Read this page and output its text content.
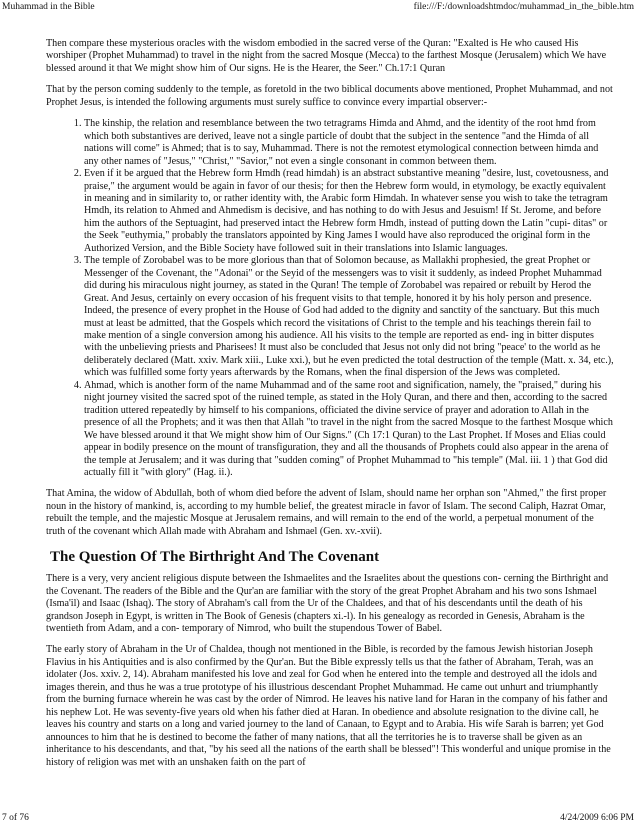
Muhammad in the Bible	file:///F:/downloadshtmdoc/muhammad_in_the_bible.htm

Then compare these mysterious oracles with the wisdom embodied in the sacred verse of the Quran: "Exalted is He who caused His worshiper (Prophet Muhammad) to travel in the night from the sacred Mosque (Mecca) to the farthest Mosque (Jerusalem) which We have blessed around it that We might show him of Our signs. He is the Hearer, the Seer." Ch.17:1 Quran

That by the person coming suddenly to the temple, as foretold in the two biblical documents above mentioned, Prophet Muhammad, and not Prophet Jesus, is intended the following arguments must surely suffice to convince every impartial observer:-

1. The kinship, the relation and resemblance between the two tetragrams Himda and Ahmd, and the identity of the root hmd from which both substantives are derived, leave not a single particle of doubt that the subject in the sentence "and the Himda of all nations will come" is Ahmed; that is to say, Muhammad. There is not the remotest etymological connection between himda and any other names of "Jesus," "Christ," "Savior," not even a single consonant in common between them.
2. Even if it be argued that the Hebrew form Hmdh (read himdah) is an abstract substantive meaning "desire, lust, covetousness, and praise," the argument would be again in favor of our thesis; for then the Hebrew form would, in etymology, be exactly equivalent in meaning and in similarity to, or rather identity with, the Arabic form Himdah. In whatever sense you wish to take the tetragram Hmdh, its relation to Ahmed and Ahmedism is decisive, and has nothing to do with Jesus and Jesuism! If St. Jerome, and before him the authors of the Septuagint, had preserved intact the Hebrew form Hmdh, instead of putting down the Latin "cupi- ditas" or the Seek "euthymia," probably the translators appointed by King James I would have also reproduced the original form in the Authorized Version, and the Bible Society have followed suit in their translations into Islamic languages.
3. The temple of Zorobabel was to be more glorious than that of Solomon because, as Mallakhi prophesied, the great Prophet or Messenger of the Covenant, the "Adonai" or the Seyid of the messengers was to visit it suddenly, as indeed Prophet Muhammad did during his miraculous night journey, as stated in the Quran! The temple of Zorobabel was repaired or rebuilt by Herod the Great. And Jesus, certainly on every occasion of his frequent visits to that temple, honored it by his holy person and presence. Indeed, the presence of every prophet in the House of God had added to the dignity and sanctity of the sanctuary. But this much must at least be admitted, that the Gospels which record the visitations of Christ to the temple and his teachings therein fail to make mention of a single conversion among his audience. All his visits to the temple are reported as end- ing in bitter disputes with the unbelieving priests and Pharisees! It must also be concluded that Jesus not only did not bring "peace' to the world as he deliberately declared (Matt. xxiv. Mark xiii., Luke xxi.), but he even predicted the total destruction of the temple (Matt. x. 34, etc.), which was fulfilled some forty years afterwards by the Romans, when the final dispersion of the Jews was completed.
4. Ahmad, which is another form of the name Muhammad and of the same root and signification, namely, the "praised," during his night journey visited the sacred spot of the ruined temple, as stated in the Holy Quran, and there and then, according to the sacred tradition uttered repeatedly by himself to his companions, officiated the divine service of prayer and adoration to Allah in the presence of all the Prophets; and it was then that Allah "to travel in the night from the sacred Mosque to the farthest Mosque which We have blessed around it that We might show him of Our Signs." (Ch 17:1 Quran) to the Last Prophet. If Moses and Elias could appear in bodily presence on the mount of transfiguration, they and all the thousands of Prophets could also appear in the arena of the temple at Jerusalem; and it was during that "sudden coming" of Prophet Muhammad to "his temple" (Mal. iii. 1 ) that God did actually fill it "with glory" (Hag. ii.).

That Amina, the widow of Abdullah, both of whom died before the advent of Islam, should name her orphan son "Ahmed," the first proper noun in the history of mankind, is, according to my humble belief, the greatest miracle in favor of Islam. The second Caliph, Hazrat Omar, rebuilt the temple, and the majestic Mosque at Jerusalem remains, and will remain to the end of the world, a perpetual monument of the truth of the covenant which Allah made with Abraham and Ishmael (Gen. xv.-xvii).

The Question Of The Birthright And The Covenant

There is a very, very ancient religious dispute between the Ishmaelites and the Israelites about the questions con- cerning the Birthright and the Covenant. The readers of the Bible and the Qur'an are familiar with the story of the great Prophet Abraham and his two sons Ishmael (Isma'il) and Isaac (Ishaq). The story of Abraham's call from the Ur of the Chaldees, and that of his descendants until the death of his grandson Joseph in Egypt, is written in The Book of Genesis (chapters xi.-l). In his genealogy as recorded in Genesis, Abraham is the twentieth from Adam, and a con- temporary of Nimrod, who built the stupendous Tower of Babel.

The early story of Abraham in the Ur of Chaldea, though not mentioned in the Bible, is recorded by the famous Jewish historian Joseph Flavius in his Antiquities and is also confirmed by the Qur'an. But the Bible expressly tells us that the father of Abraham, Terah, was an idolater (Jos. xxiv. 2, 14). Abraham manifested his love and zeal for God when he entered into the temple and destroyed all the idols and images therein, and thus he was a true prototype of his illustrious descendant Prophet Muhammad. He came out unhurt and triumphantly from the burning furnace wherein he was cast by the order of Nimrod. He leaves his native land for Haran in the company of his father and his nephew Lot. He was seventy-five years old when his father died at Haran. In obedience and absolute resignation to the divine call, he leaves his country and starts on a long and varied journey to the land of Canaan, to Egypt and to Arabia. His wife Sarah is barren; yet God announces to him that he is destined to become the father of many nations, that all the territories he is to traverse shall be given as an inheritance to his descendants, and that, "by his seed all the nations of the earth shall be blessed"! This wonderful and unique promise in the history of religion was met with an unshaken faith on the part of

7 of 76	4/24/2009 6:06 PM
